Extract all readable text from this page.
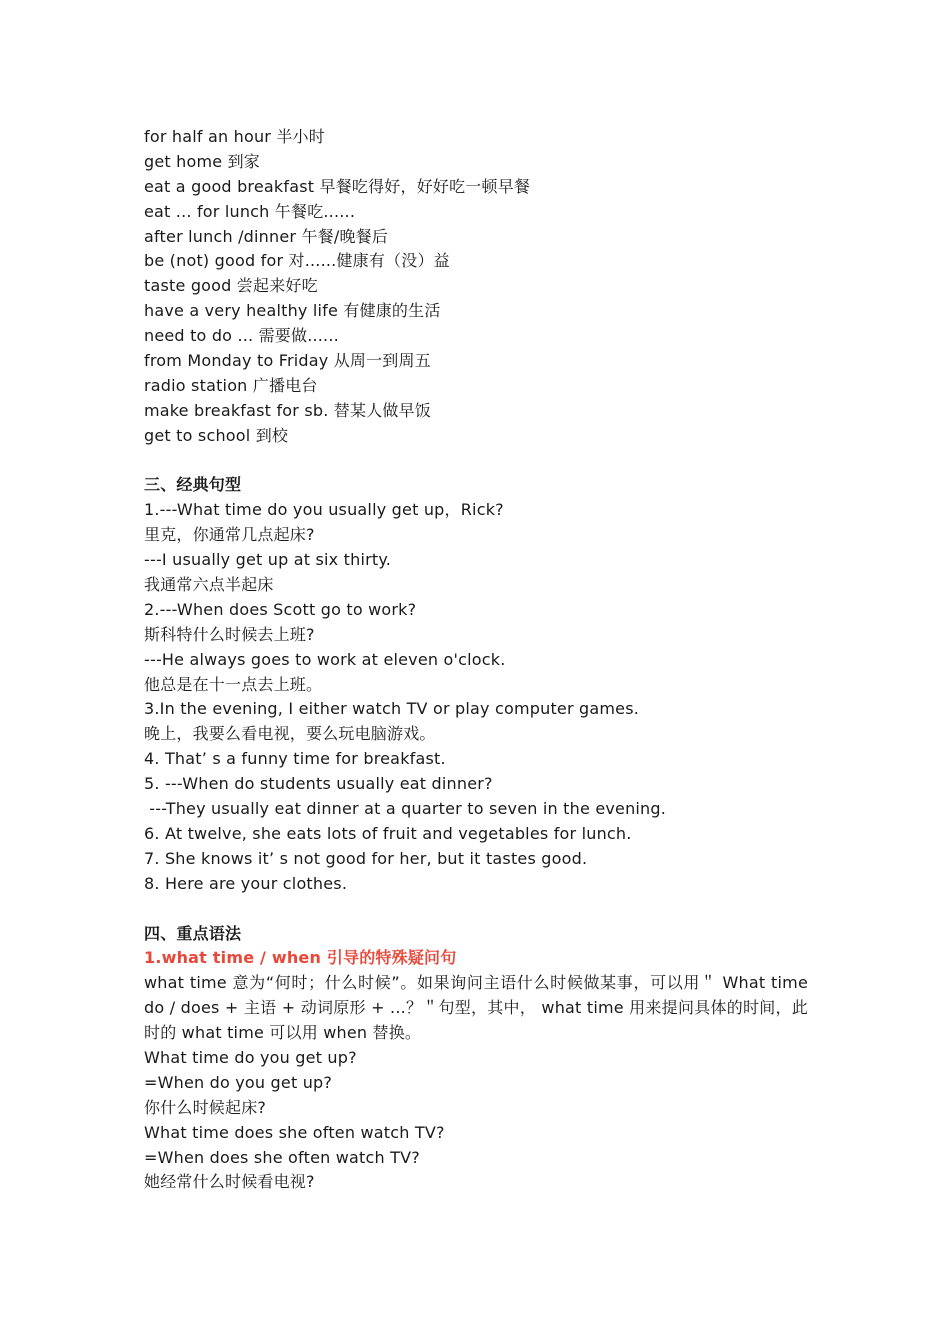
for half an hour 半小时
get home 到家
eat a good breakfast 早餐吃得好，好好吃一顿早餐
eat ... for lunch 午餐吃......
after lunch /dinner 午餐/晚餐后
be (not) good for 对......健康有（没）益
taste good 尝起来好吃
have a very healthy life 有健康的生活
need to do ... 需要做......
from Monday to Friday 从周一到周五
radio station 广播电台
make breakfast for sb. 替某人做早饭
get to school 到校
三、经典句型
1.---What time do you usually get up，Rick?
里克，你通常几点起床?
---I usually get up at six thirty.
我通常六点半起床
2.---When does Scott go to work?
斯科特什么时候去上班?
---He always goes to work at eleven o'clock.
他总是在十一点去上班。
3.In the evening, I either watch TV or play computer games.
晚上，我要么看电视，要么玩电脑游戏。
4. That’ s a funny time for breakfast.
5. ---When do students usually eat dinner?
---They usually eat dinner at a quarter to seven in the evening.
6. At twelve, she eats lots of fruit and vegetables for lunch.
7. She knows it’ s not good for her, but it tastes good.
8. Here are your clothes.
四、重点语法
1.what time / when 引导的特殊疑问句
what time 意为“何时；什么时候”。如果询问主语什么时候做某事，可以用＂ What time do / does + 主语 + 动词原形 + ...？＂句型，其中， what time 用来提问具体的时间，此时的 what time 可以用 when 替换。
What time do you get up?
=When do you get up?
你什么时候起床?
What time does she often watch TV?
=When does she often watch TV?
她经常什么时候看电视?
